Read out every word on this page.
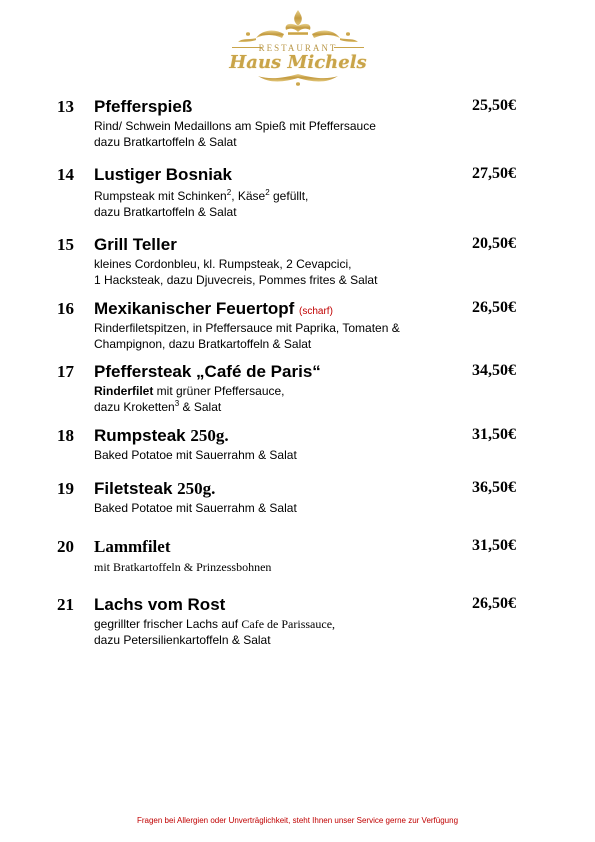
RESTAURANT
Haus Michels
13	Pfefferspieß	25,50€
Rind/ Schwein Medaillons am Spieß mit Pfeffersauce
dazu Bratkartoffeln & Salat
14	Lustiger Bosniak	27,50€
Rumpsteak mit Schinken$^2$, Käse$^2$ gefüllt,
dazu Bratkartoffeln & Salat
15	Grill Teller	20,50€
kleines Cordonbleu, kl. Rumpsteak, 2 Cevapcici,
1 Hacksteak, dazu Djuvecreis, Pommes frites & Salat
16	Mexikanischer Feuertopf (scharf)	26,50€
Rinderfiletspitzen, in Pfeffersauce mit Paprika, Tomaten &
Champignon, dazu Bratkartoffeln & Salat
17	Pfeffersteak „Café de Paris“	34,50€
Rinderfilet mit grüner Pfeffersauce,
dazu Kroketten$^3$ & Salat
18	Rumpsteak 250g.	31,50€
Baked Potatoe mit Sauerrahm & Salat
19	Filetsteak 250g.	36,50€
Baked Potatoe mit Sauerrahm & Salat
20	Lammfilet	31,50€
mit Bratkartoffeln & Prinzessbohnen
21	Lachs vom Rost	26,50€
gegrillter frischer Lachs auf Cafe de Parissauce,
dazu Petersilienkartoffeln & Salat
Fragen bei Allergien oder Unverträglichkeit, steht Ihnen unser Service gerne zur Verfügung
